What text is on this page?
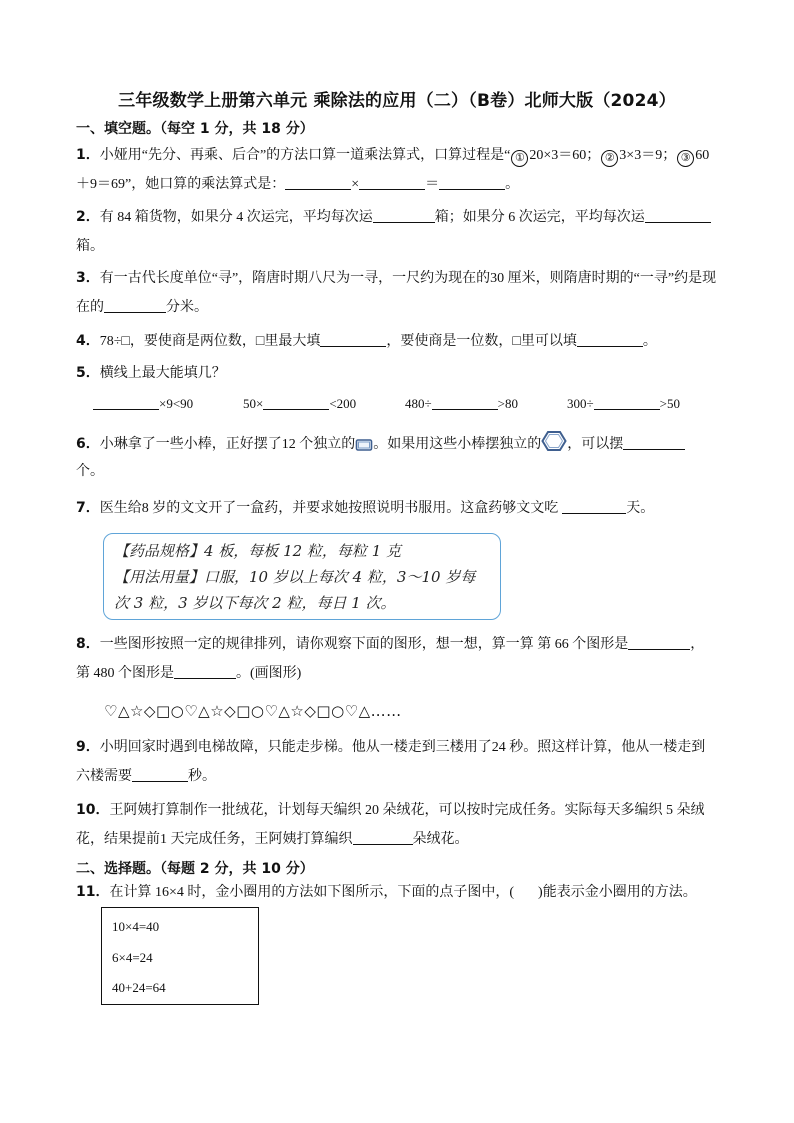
三年级数学上册第六单元 乘除法的应用（二）（B卷）北师大版（2024）
一、填空题。（每空 1 分，共 18 分）
1．小娅用“先分、再乘、后合”的方法口算一道乘法算式，口算过程是“ ① 20×3＝60； ② 3×3＝9； ③ 60
＋9＝69”，她口算的乘法算式是：	×	＝	。
2．有 84 箱货物，如果分 4 次运完，平均每次运	箱；如果分 6 次运完，平均每次运
箱。
3．有一古代长度单位“寻”，隋唐时期八尺为一寻，一尺约为现在的30 厘米，则隋唐时期的“一寻”约是现
在的	分米。
4．78÷□，要使商是两位数，□里最大填	，要使商是一位数，□里可以填	。
5．横线上最大能填几？
×9<90	50×	<200	480÷	>80	300÷	>50
6．小琳拿了一些小棒，正好摆了12 个独立的 。如果用这些小棒摆独立的 ，可以摆
个。
7．医生给8 岁的文文开了一盒药，并要求她按照说明书服用。这盒药够文文吃	天。
【药品规格】4 板，每板 12 粒，每粒 1 克
【用法用量】口服，10 岁以上每次 4 粒，3～10 岁每
次 3 粒，3 岁以下每次 2 粒，每日 1 次。
8．一些图形按照一定的规律排列，请你观察下面的图形，想一想，算一算 第 66 个图形是	，
第 480 个图形是	。(画图形)
♡△☆◇□○♡△☆◇□○♡△☆◇□○♡△……
9．小明回家时遇到电梯故障，只能走步梯。他从一楼走到三楼用了24 秒。照这样计算，他从一楼走到
六楼需要	秒。
10．王阿姨打算制作一批绒花，计划每天编织 20 朵绒花，可以按时完成任务。实际每天多编织 5 朵绒
花，结果提前1 天完成任务，王阿姨打算编织	朵绒花。
二、选择题。（每题 2 分，共 10 分）
11．在计算 16×4 时，金小圈用的方法如下图所示，下面的点子图中，( )能表示金小圈用的方法。
10×4=40
6×4=24
40+24=64
